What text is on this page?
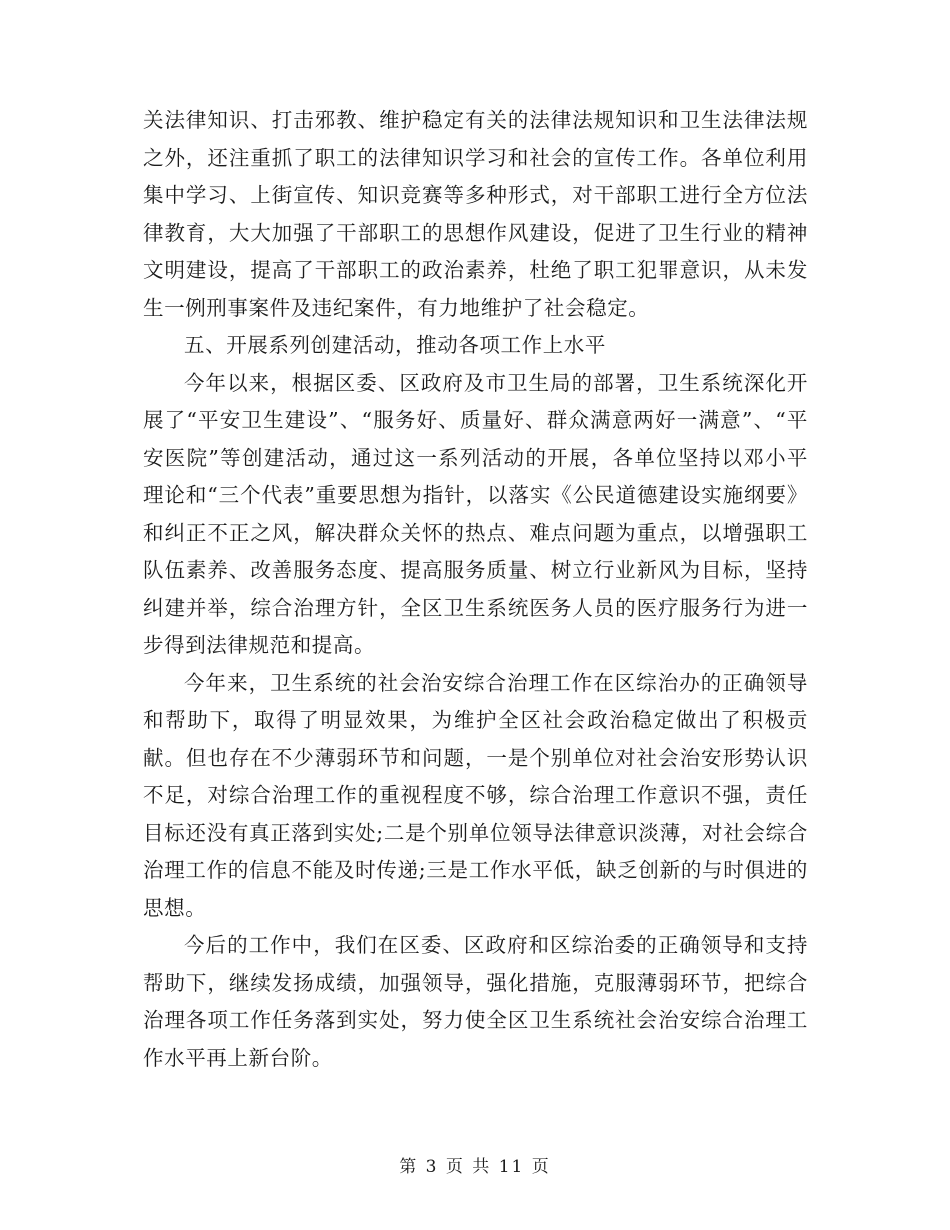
关法律知识、打击邪教、维护稳定有关的法律法规知识和卫生法律法规之外，还注重抓了职工的法律知识学习和社会的宣传工作。各单位利用集中学习、上街宣传、知识竞赛等多种形式，对干部职工进行全方位法律教育，大大加强了干部职工的思想作风建设，促进了卫生行业的精神文明建设，提高了干部职工的政治素养，杜绝了职工犯罪意识，从未发生一例刑事案件及违纪案件，有力地维护了社会稳定。

五、开展系列创建活动，推动各项工作上水平

今年以来，根据区委、区政府及市卫生局的部署，卫生系统深化开展了“平安卫生建设”、“服务好、质量好、群众满意两好一满意”、“平安医院”等创建活动，通过这一系列活动的开展，各单位坚持以邓小平理论和“三个代表”重要思想为指针，以落实《公民道德建设实施纲要》和纠正不正之风，解决群众关怀的热点、难点问题为重点，以增强职工队伍素养、改善服务态度、提高服务质量、树立行业新风为目标，坚持纠建并举，综合治理方针，全区卫生系统医务人员的医疗服务行为进一步得到法律规范和提高。

今年来，卫生系统的社会治安综合治理工作在区综治办的正确领导和帮助下，取得了明显效果，为维护全区社会政治稳定做出了积极贡献。但也存在不少薄弱环节和问题，一是个别单位对社会治安形势认识不足，对综合治理工作的重视程度不够，综合治理工作意识不强，责任目标还没有真正落到实处;二是个别单位领导法律意识淡薄，对社会综合治理工作的信息不能及时传递;三是工作水平低，缺乏创新的与时俱进的思想。

今后的工作中，我们在区委、区政府和区综治委的正确领导和支持帮助下，继续发扬成绩，加强领导，强化措施，克服薄弱环节，把综合治理各项工作任务落到实处，努力使全区卫生系统社会治安综合治理工作水平再上新台阶。

第 3 页 共 11 页
